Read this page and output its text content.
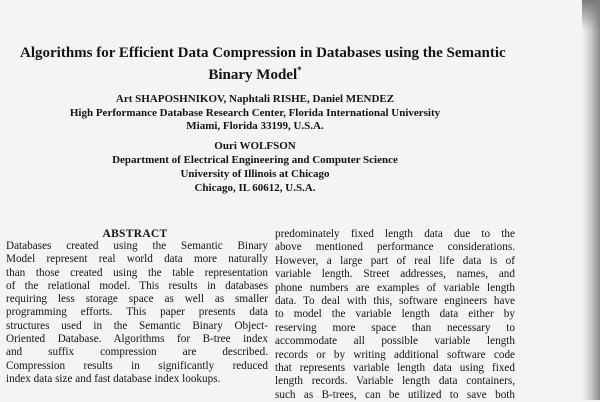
Algorithms for Efficient Data Compression in Databases using the Semantic
Binary Model*
Art SHAPOSHNIKOV, Naphtali RISHE, Daniel MENDEZ
High Performance Database Research Center, Florida International University
Miami, Florida 33199, U.S.A.
Ouri WOLFSON
Department of Electrical Engineering and Computer Science
University of Illinois at Chicago
Chicago, IL 60612, U.S.A.
ABSTRACT
Databases created using the Semantic Binary
Model represent real world data more naturally
than those created using the table representation
of the relational model. This results in databases
requiring less storage space as well as smaller
programming efforts. This paper presents data
structures used in the Semantic Binary Object-
Oriented Database. Algorithms for B-tree index
and suffix compression are described.
Compression results in significantly reduced
index data size and fast database index lookups.
predominately fixed length data due to the
above mentioned performance considerations.
However, a large part of real life data is of
variable length. Street addresses, names, and
phone numbers are examples of variable length
data. To deal with this, software engineers have
to model the variable length data either by
reserving more space than necessary to
accommodate all possible variable length
records or by writing additional software code
that represents variable length data using fixed
length records. Variable length data containers,
such as B-trees, can be utilized to save both
